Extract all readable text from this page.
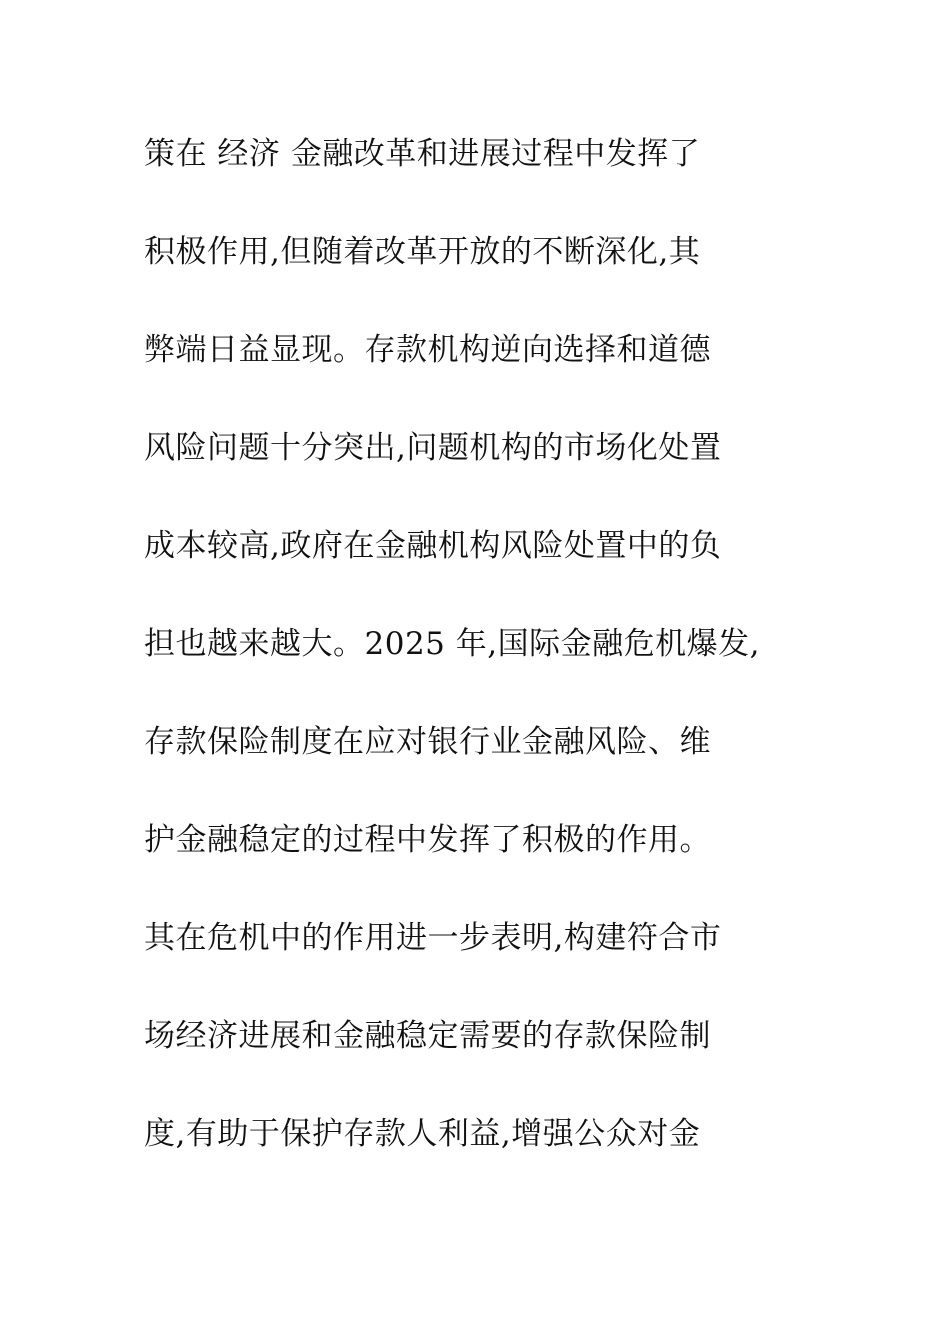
策在 经济 金融改革和进展过程中发挥了
积极作用,但随着改革开放的不断深化,其
弊端日益显现。存款机构逆向选择和道德
风险问题十分突出,问题机构的市场化处置
成本较高,政府在金融机构风险处置中的负
担也越来越大。2025 年,国际金融危机爆发,
存款保险制度在应对银行业金融风险、维
护金融稳定的过程中发挥了积极的作用。
其在危机中的作用进一步表明,构建符合市
场经济进展和金融稳定需要的存款保险制
度,有助于保护存款人利益,增强公众对金
